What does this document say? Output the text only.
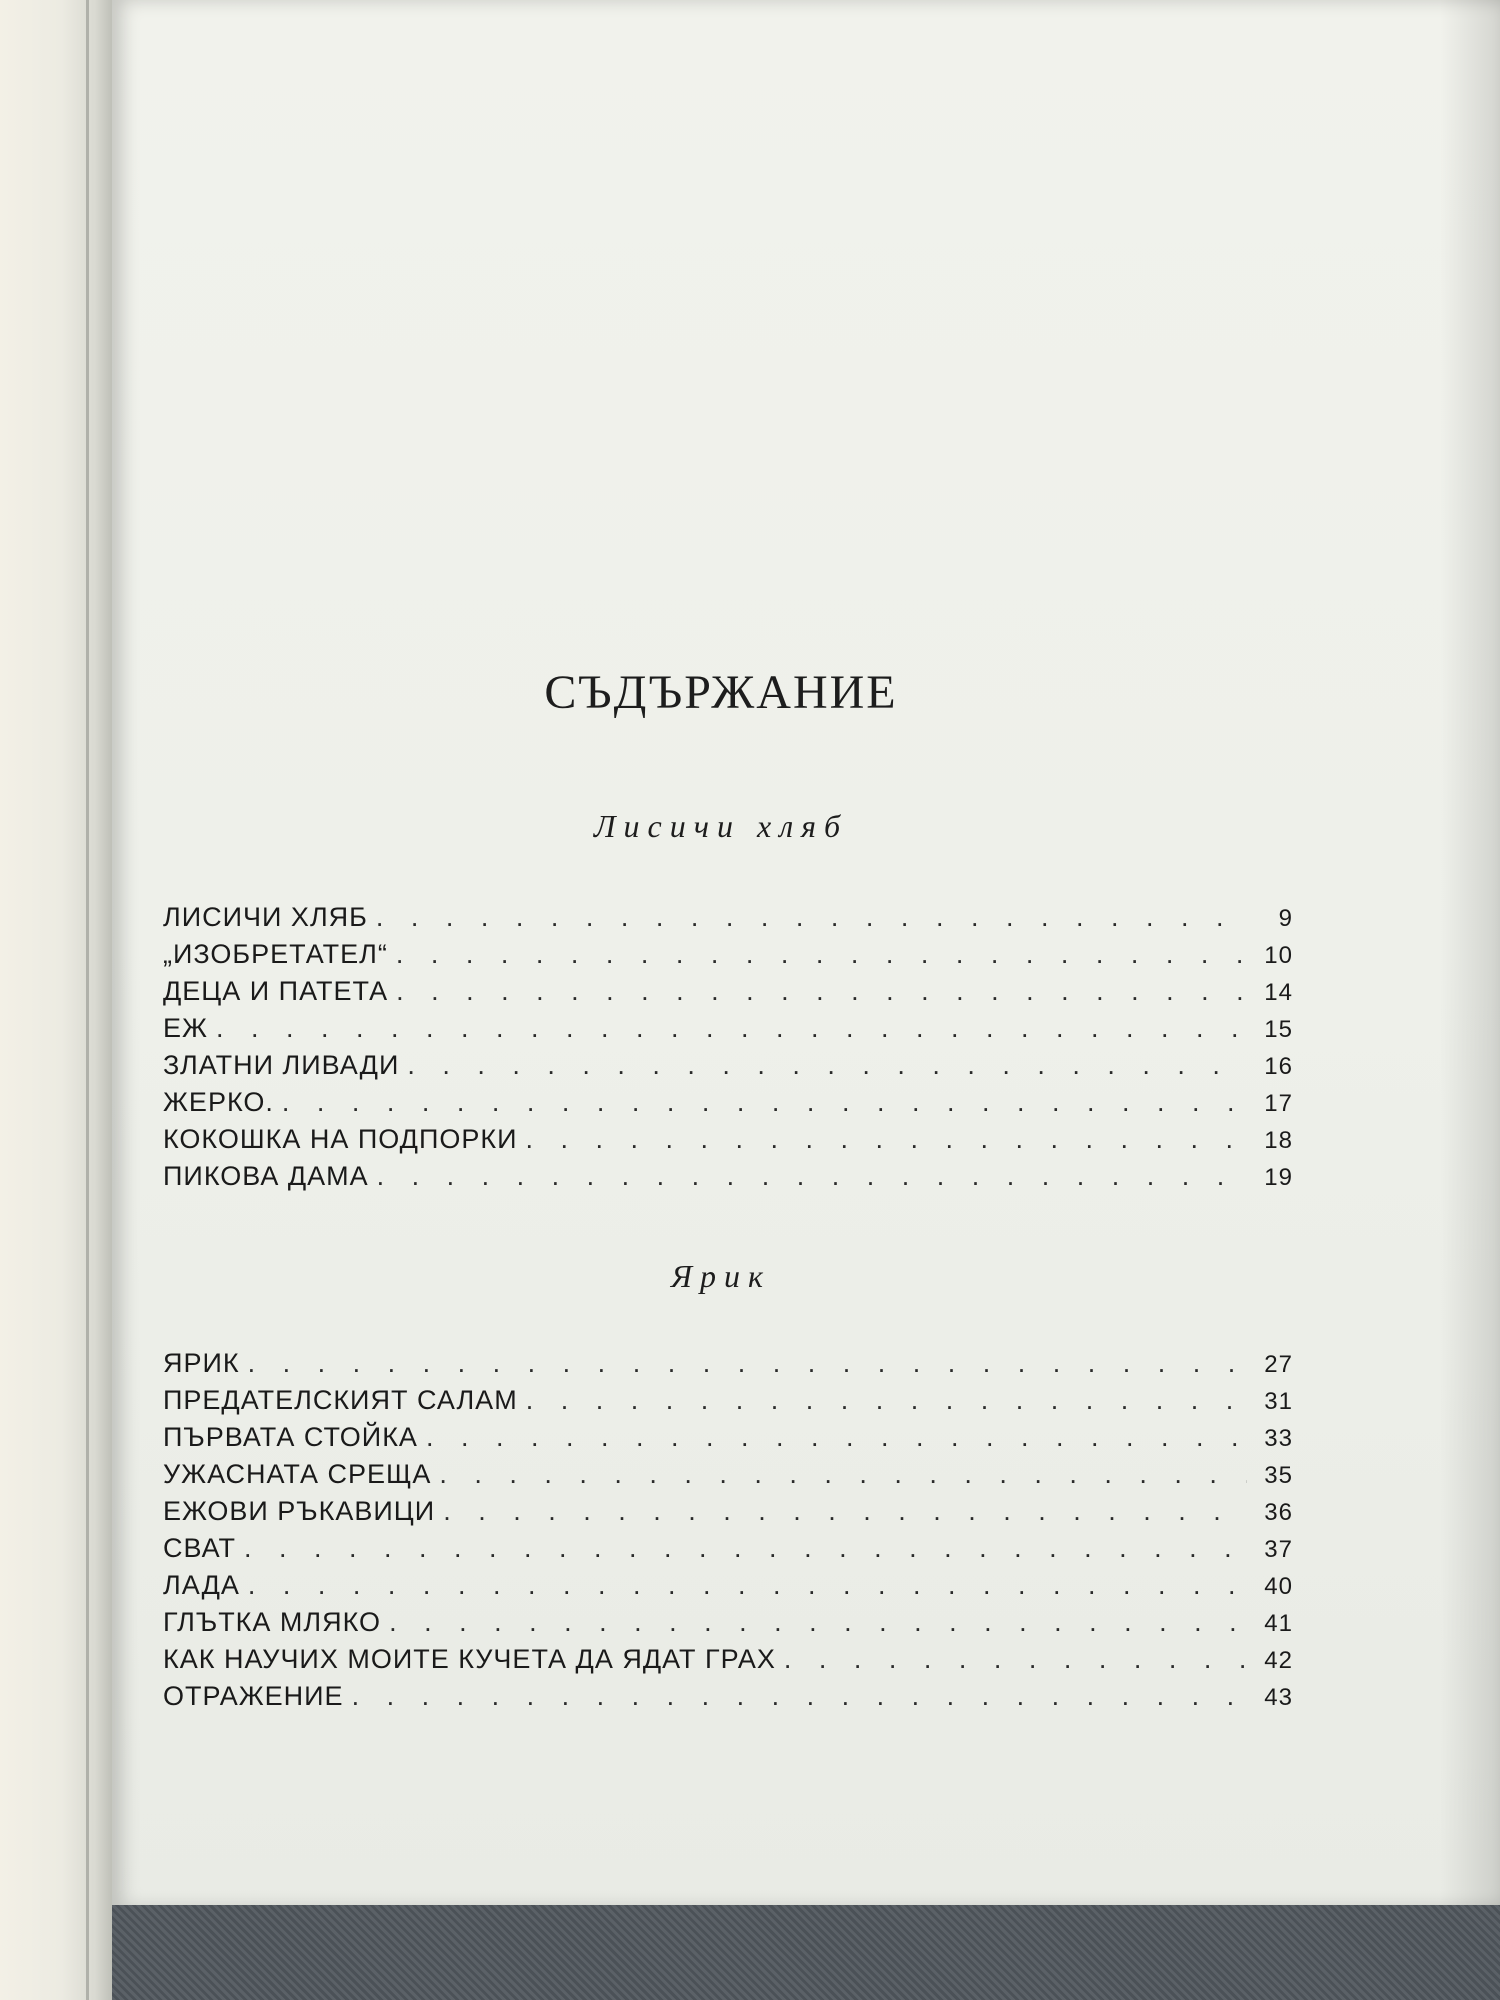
СЪДЪРЖАНИЕ
Лисичи хляб
ЛИСИЧИ ХЛЯБ . . .	9
„ИЗОБРЕТАТЕЛ“ . . .	10
ДЕЦА И ПАТЕТА . . .	14
ЕЖ . . .	15
ЗЛАТНИ ЛИВАДИ . . .	16
ЖЕРКО. . . .	17
КОКОШКА НА ПОДПОРКИ . . .	18
ПИКОВА ДАМА . . .	19
Ярик
ЯРИК . . .	27
ПРЕДАТЕЛСКИЯТ САЛАМ . . .	31
ПЪРВАТА СТОЙКА . . .	33
УЖАСНАТА СРЕЩА . . .	35
ЕЖОВИ РЪКАВИЦИ . . .	36
СВАТ . . .	37
ЛАДА . . .	40
ГЛЪТКА МЛЯКО . . .	41
КАК НАУЧИХ МОИТЕ КУЧЕТА ДА ЯДАТ ГРАХ . . .	42
ОТРАЖЕНИЕ . . .	43
